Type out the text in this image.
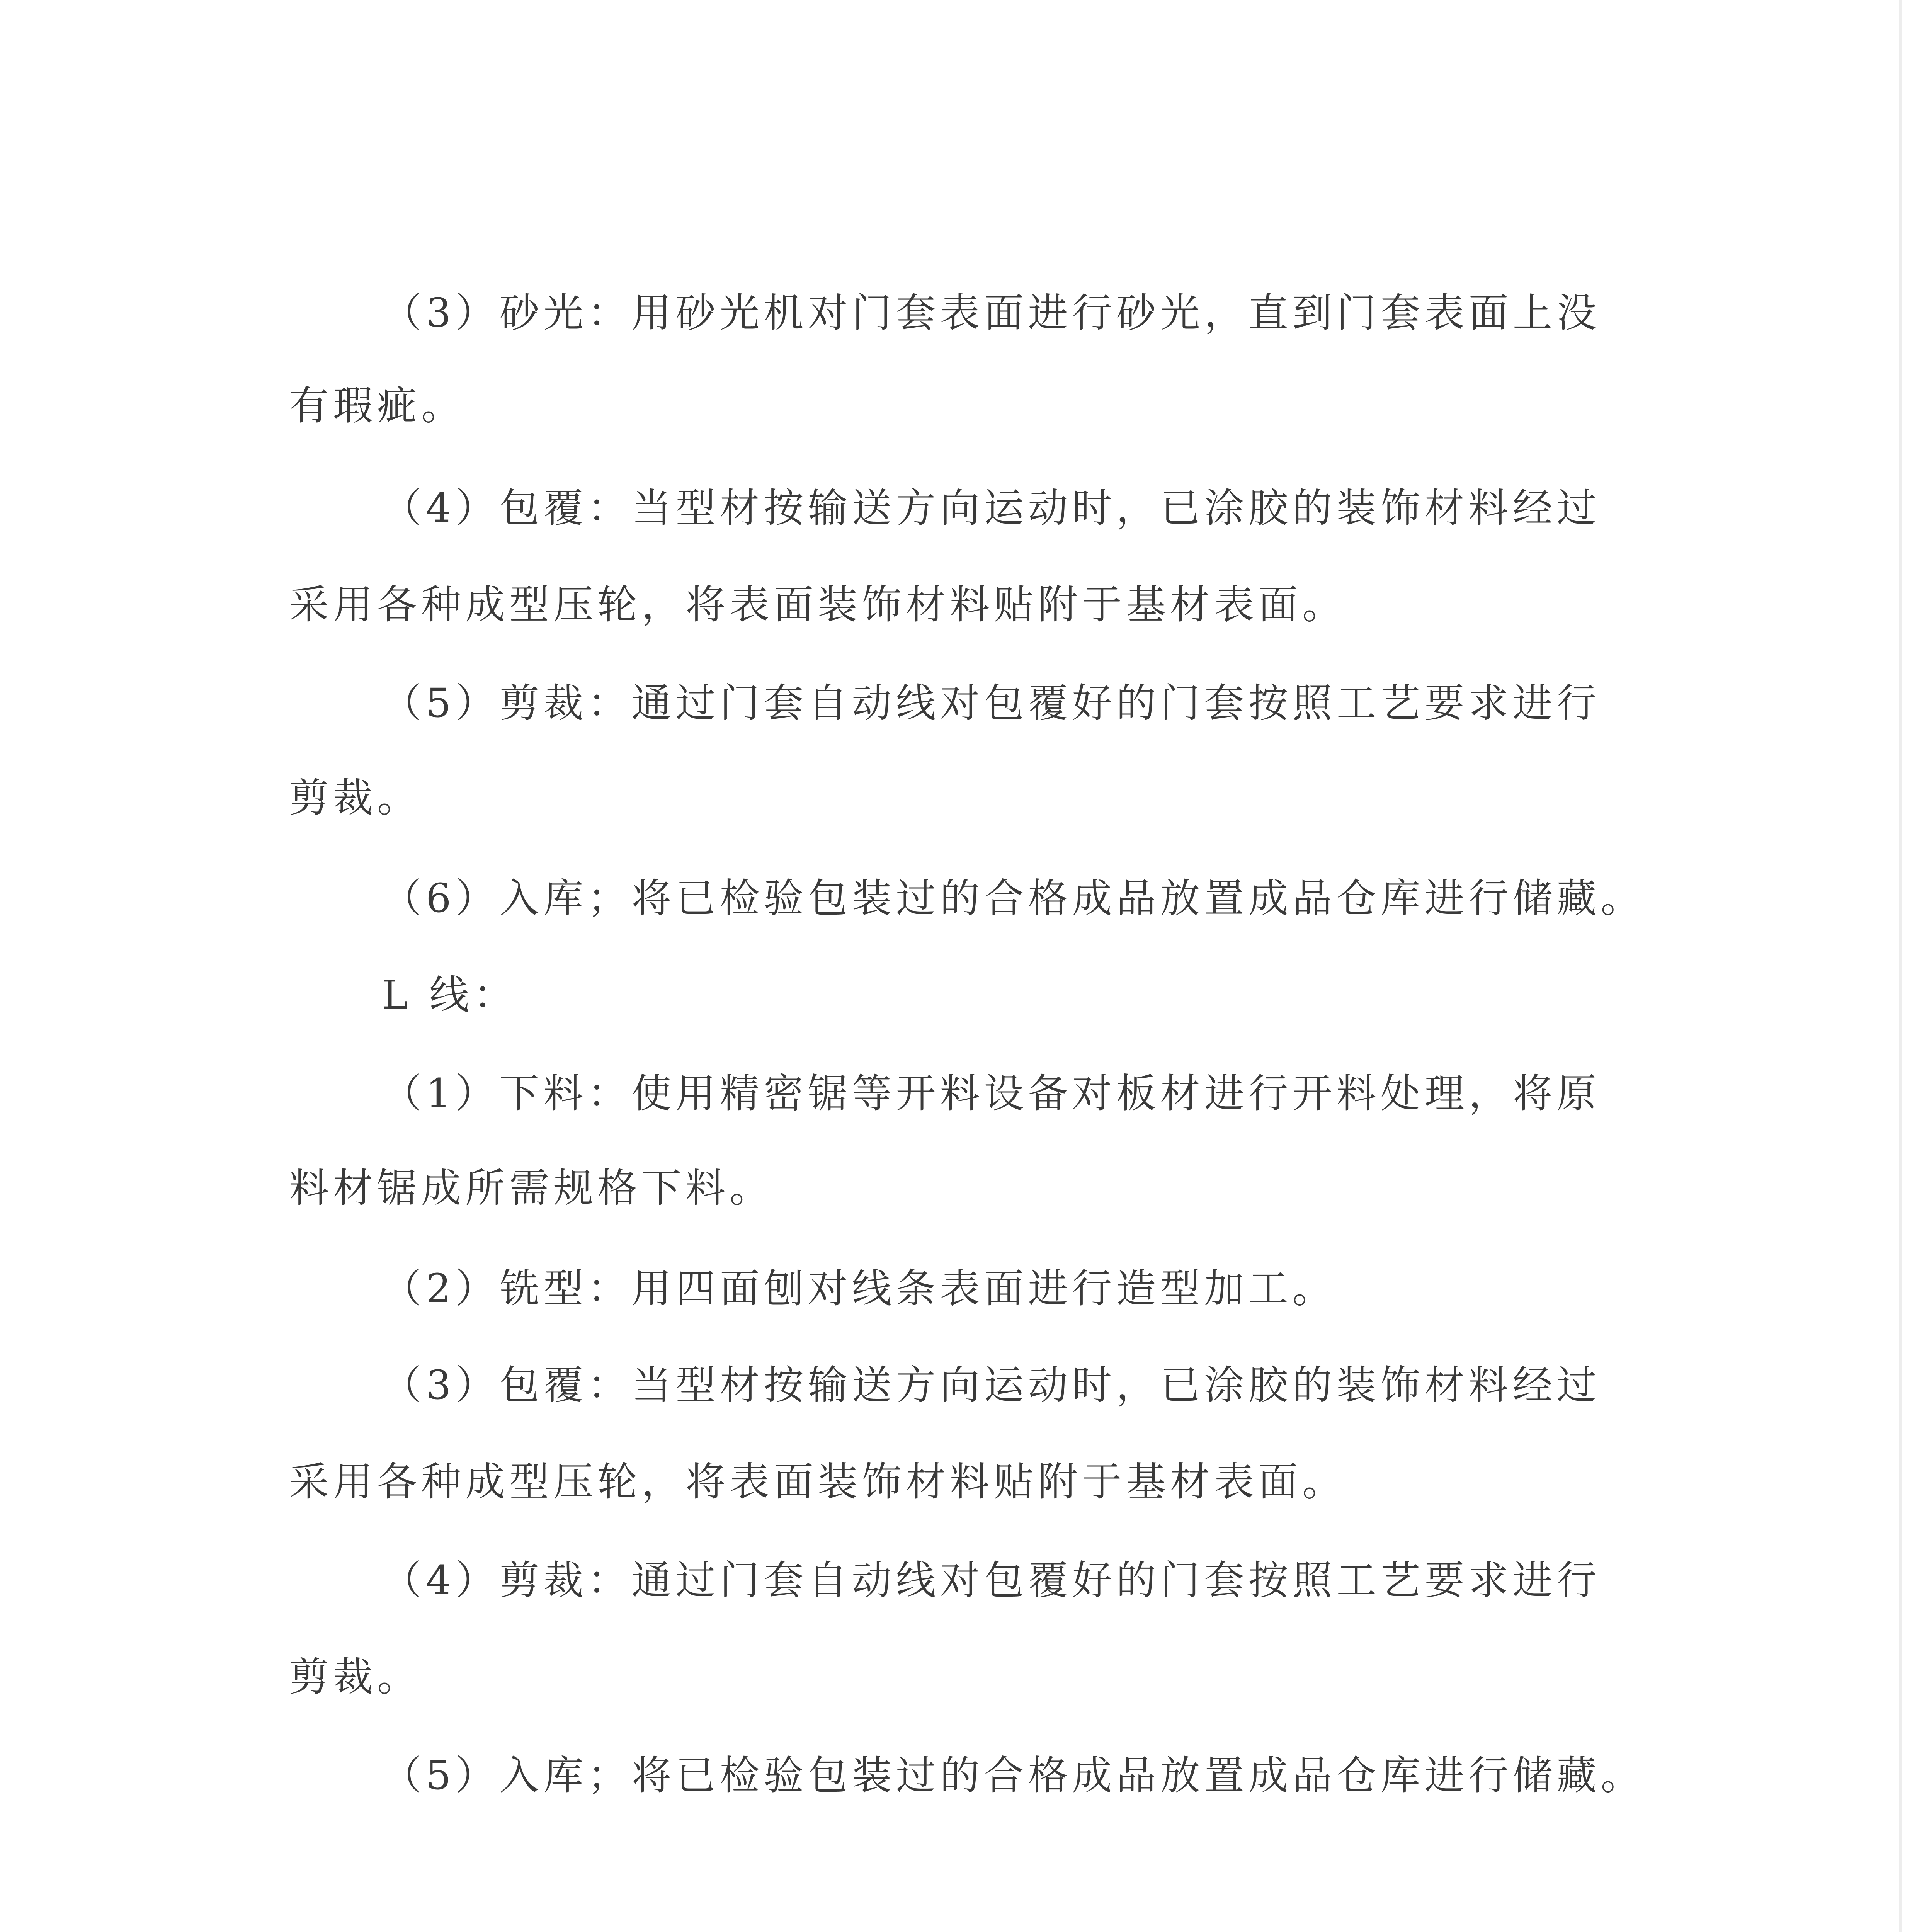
（3）砂光：用砂光机对门套表面进行砂光，直到门套表面上没
有瑕疵。
（4）包覆：当型材按输送方向运动时，已涂胶的装饰材料经过
采用各种成型压轮，将表面装饰材料贴附于基材表面。
（5）剪裁：通过门套自动线对包覆好的门套按照工艺要求进行
剪裁。
（6）入库；将已检验包装过的合格成品放置成品仓库进行储藏。
L 线：
（1）下料：使用精密锯等开料设备对板材进行开料处理，将原
料材锯成所需规格下料。
（2）铣型：用四面刨对线条表面进行造型加工。
（3）包覆：当型材按输送方向运动时，已涂胶的装饰材料经过
采用各种成型压轮，将表面装饰材料贴附于基材表面。
（4）剪裁：通过门套自动线对包覆好的门套按照工艺要求进行
剪裁。
（5）入库；将已检验包装过的合格成品放置成品仓库进行储藏。
